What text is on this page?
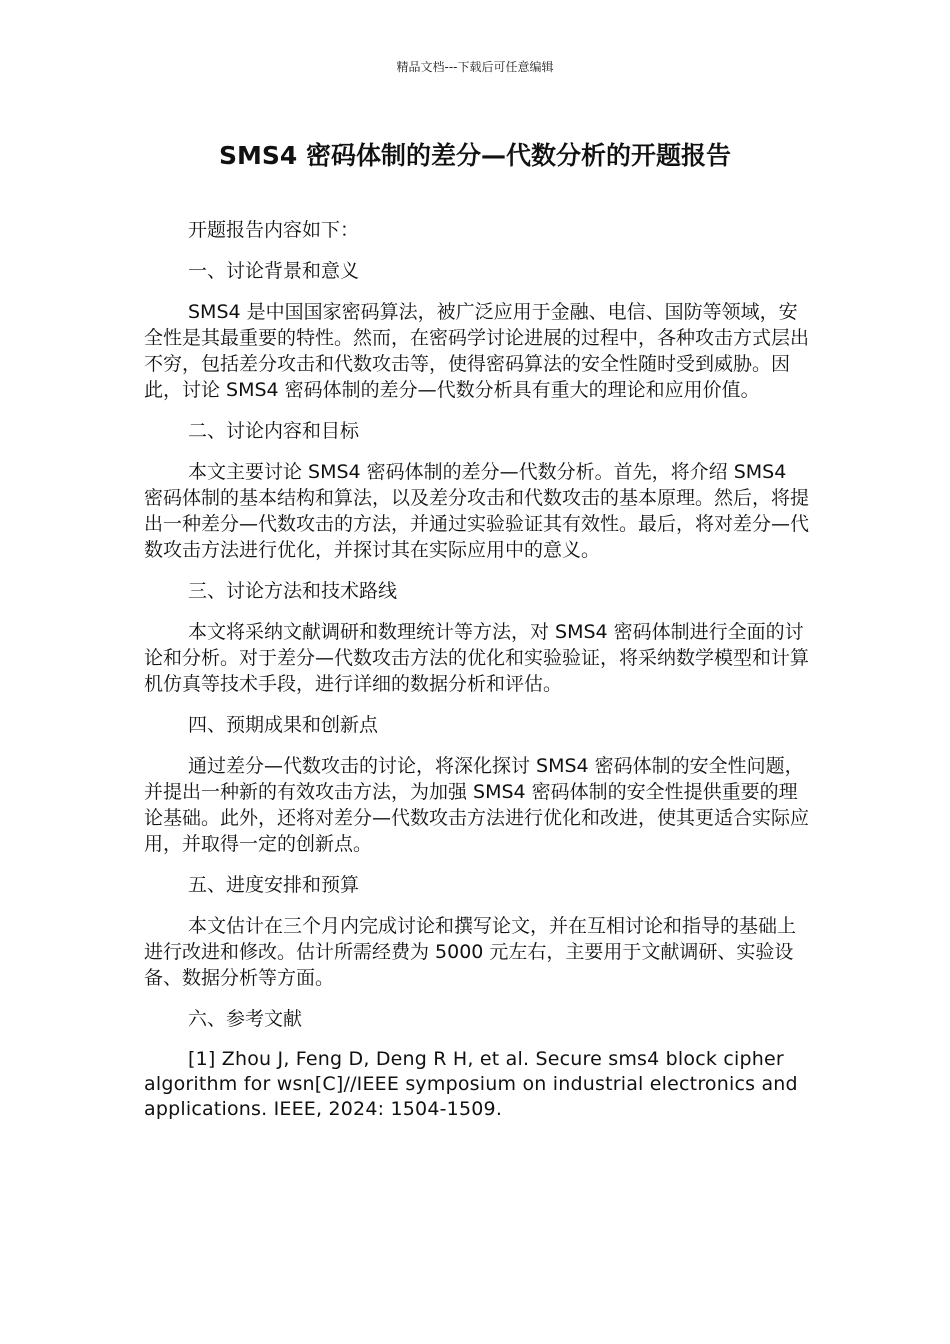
精品文档---下载后可任意编辑
SMS4 密码体制的差分—代数分析的开题报告

开题报告内容如下：

一、讨论背景和意义

SMS4 是中国国家密码算法，被广泛应用于金融、电信、国防等领域，安全性是其最重要的特性。然而，在密码学讨论进展的过程中，各种攻击方式层出不穷，包括差分攻击和代数攻击等，使得密码算法的安全性随时受到威胁。因此，讨论 SMS4 密码体制的差分—代数分析具有重大的理论和应用价值。

二、讨论内容和目标

本文主要讨论 SMS4 密码体制的差分—代数分析。首先，将介绍 SMS4 密码体制的基本结构和算法，以及差分攻击和代数攻击的基本原理。然后，将提出一种差分—代数攻击的方法，并通过实验验证其有效性。最后，将对差分—代数攻击方法进行优化，并探讨其在实际应用中的意义。

三、讨论方法和技术路线

本文将采纳文献调研和数理统计等方法，对 SMS4 密码体制进行全面的讨论和分析。对于差分—代数攻击方法的优化和实验验证，将采纳数学模型和计算机仿真等技术手段，进行详细的数据分析和评估。

四、预期成果和创新点

通过差分—代数攻击的讨论，将深化探讨 SMS4 密码体制的安全性问题，并提出一种新的有效攻击方法，为加强 SMS4 密码体制的安全性提供重要的理论基础。此外，还将对差分—代数攻击方法进行优化和改进，使其更适合实际应用，并取得一定的创新点。

五、进度安排和预算

本文估计在三个月内完成讨论和撰写论文，并在互相讨论和指导的基础上进行改进和修改。估计所需经费为 5000 元左右，主要用于文献调研、实验设备、数据分析等方面。

六、参考文献

[1] Zhou J, Feng D, Deng R H, et al. Secure sms4 block cipher algorithm for wsn[C]//IEEE symposium on industrial electronics and applications. IEEE, 2024: 1504-1509.
